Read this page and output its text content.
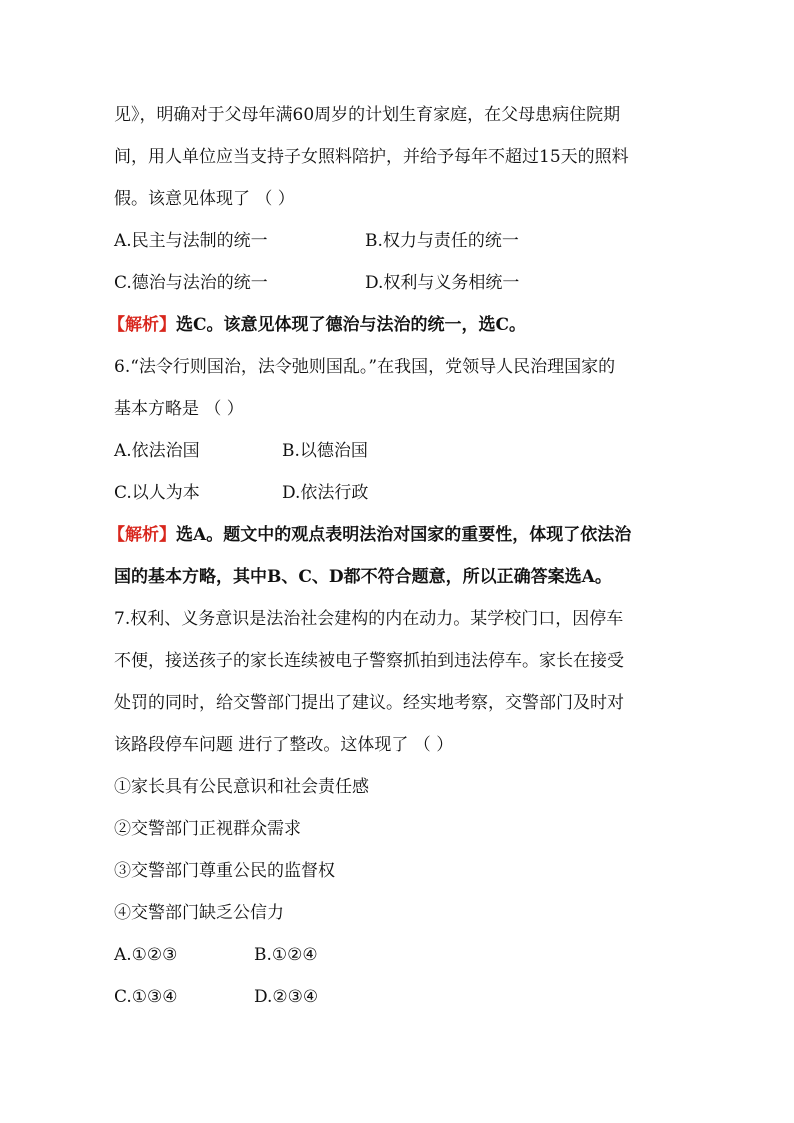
见》，明确对于父母年满60周岁的计划生育家庭，在父母患病住院期
间，用人单位应当支持子女照料陪护，并给予每年不超过15天的照料
假。该意见体现了 （ ）
A.民主与法制的统一	B.权力与责任的统一
C.德治与法治的统一	D.权利与义务相统一
【解析】选C。该意见体现了德治与法治的统一，选C。
6.“法令行则国治，法令弛则国乱。”在我国，党领导人民治理国家的
基本方略是 （ ）
A.依法治国	B.以德治国
C.以人为本	D.依法行政
【解析】选A。题文中的观点表明法治对国家的重要性，体现了依法治
国的基本方略，其中B、C、D都不符合题意，所以正确答案选A。
7.权利、义务意识是法治社会建构的内在动力。某学校门口，因停车
不便，接送孩子的家长连续被电子警察抓拍到违法停车。家长在接受
处罚的同时，给交警部门提出了建议。经实地考察，交警部门及时对
该路段停车问题 进行了整改。这体现了 （ ）
①家长具有公民意识和社会责任感
②交警部门正视群众需求
③交警部门尊重公民的监督权
④交警部门缺乏公信力
A.①②③	B.①②④
C.①③④	D.②③④
